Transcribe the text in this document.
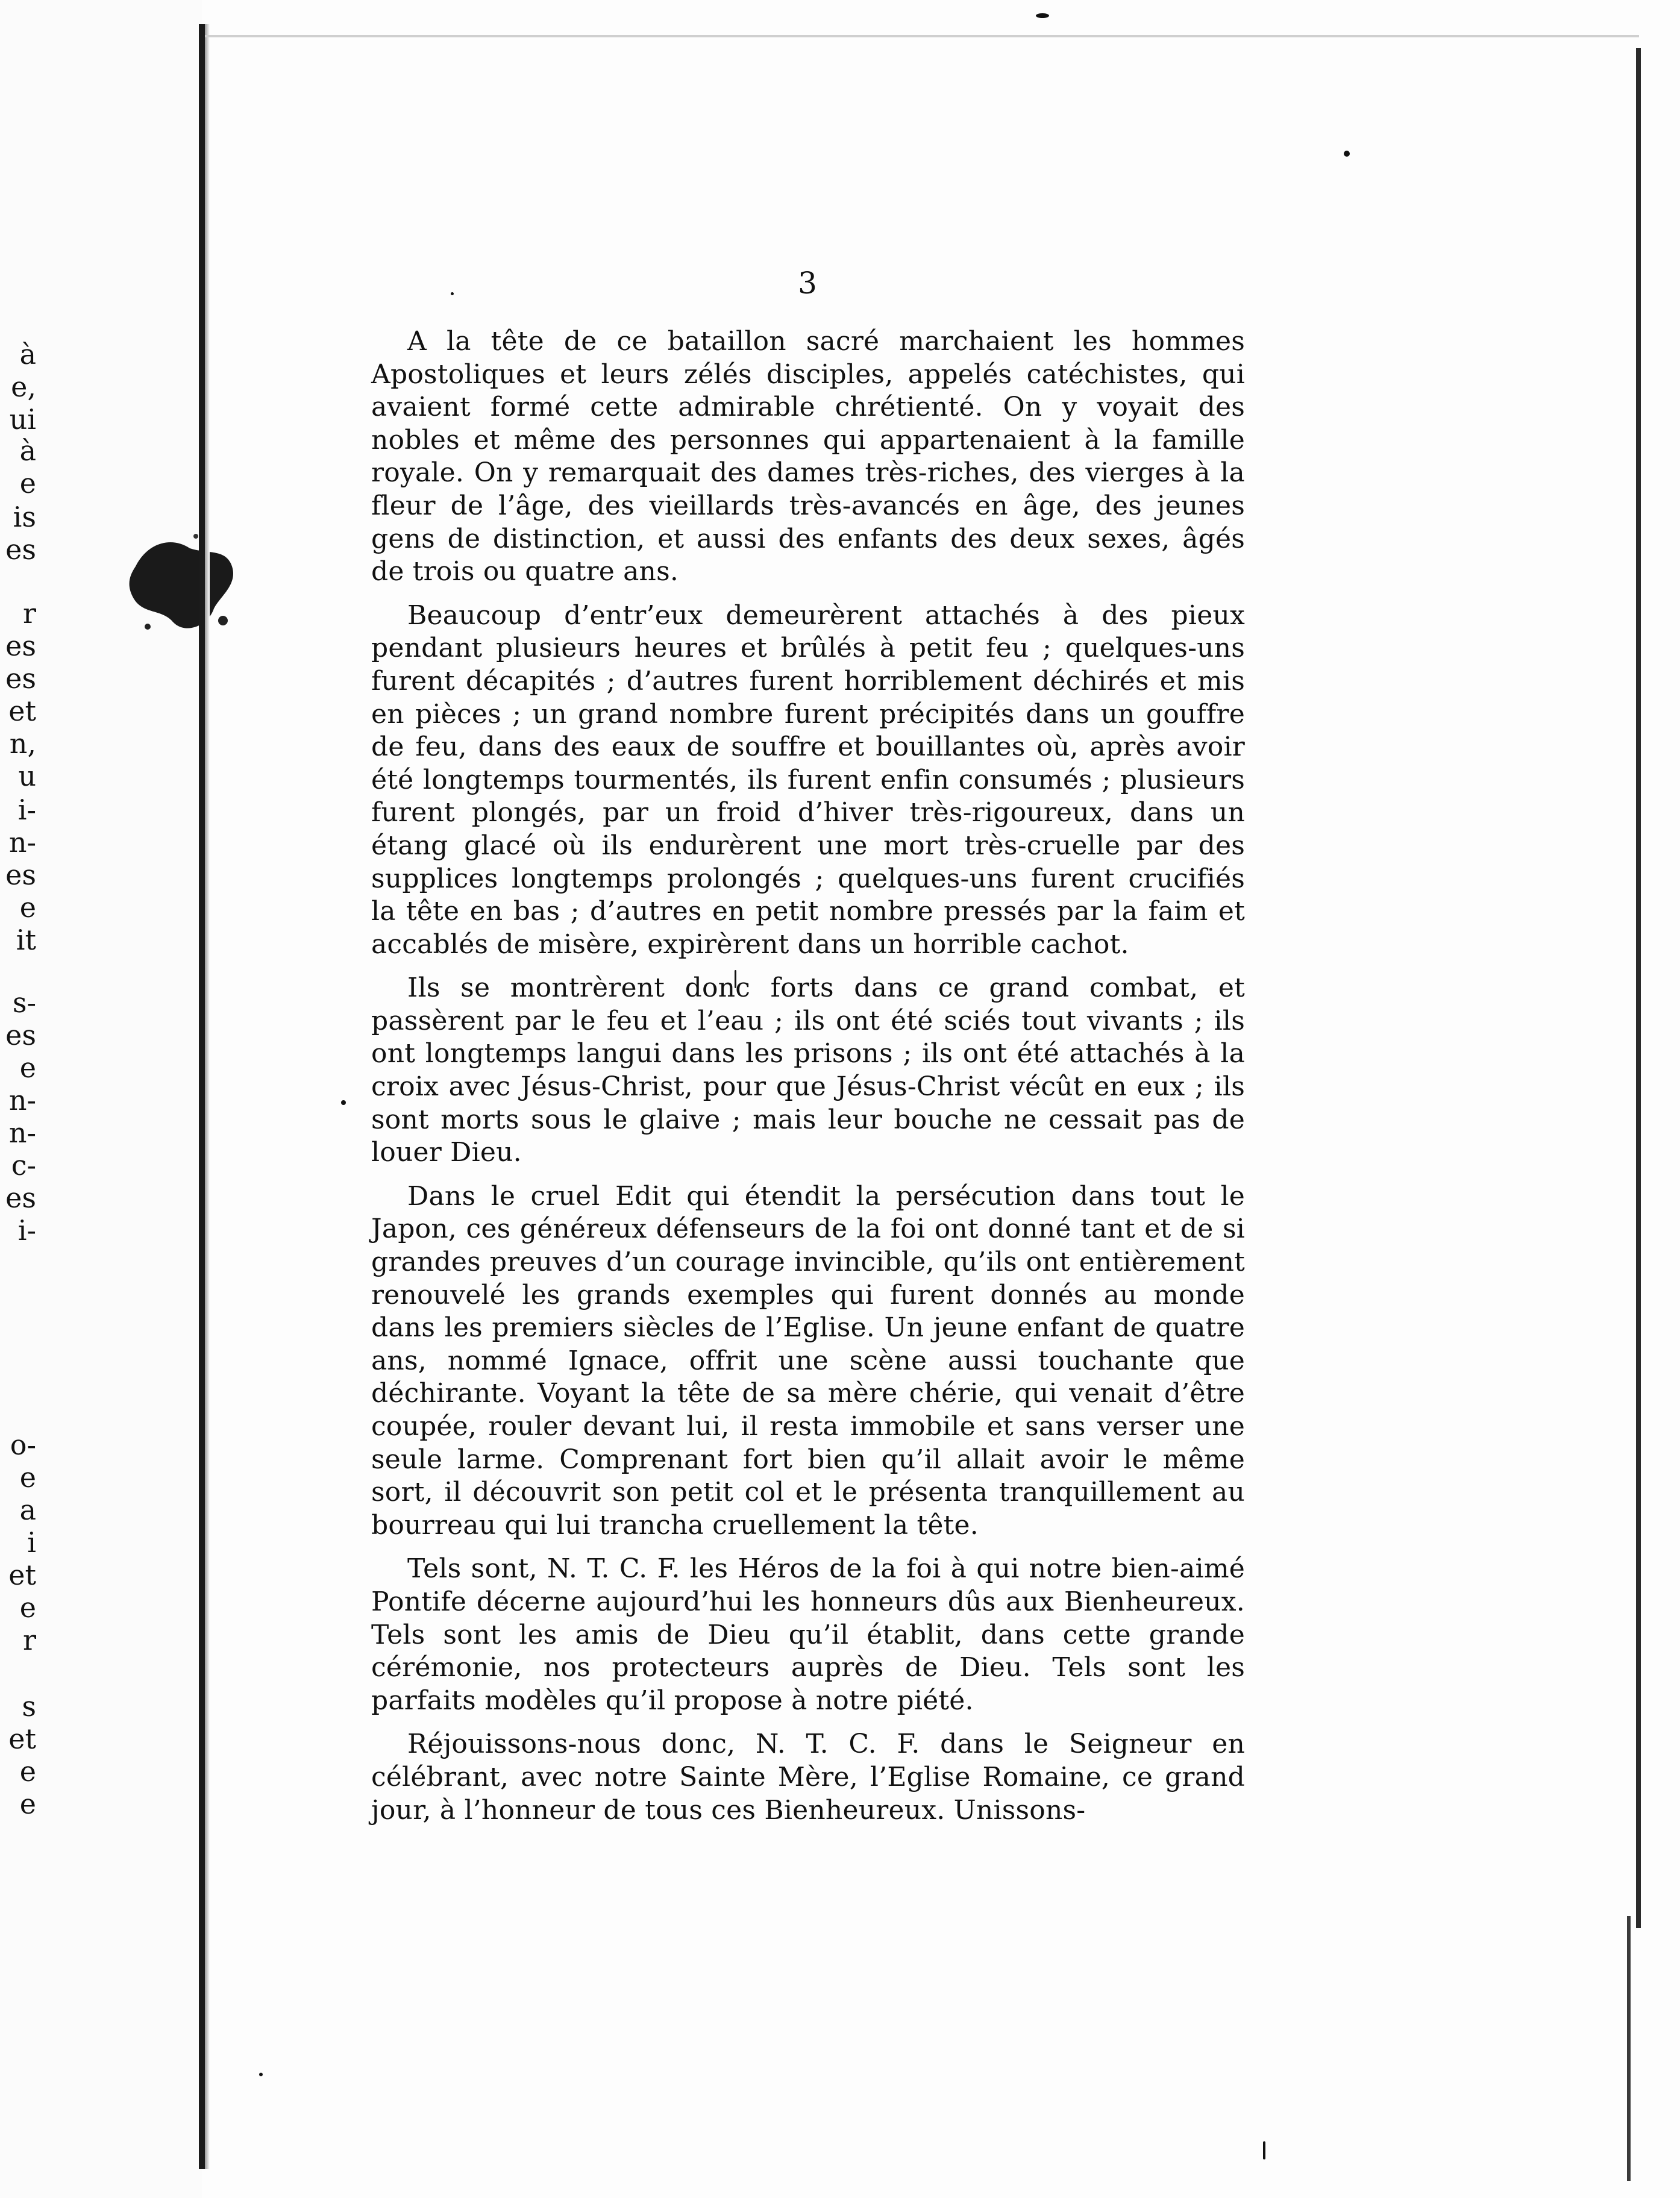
à
e,
ui
à
e
is
es
r
es
es
et
n,
u
i-
n-
es
e
it
s-
es
e
n-
n-
c-
es
i-
o-
e
a
i
et
e
r
s
et
e
e
3

A la tête de ce bataillon sacré marchaient les hommes Apostoliques et leurs zélés disciples, appelés catéchistes, qui avaient formé cette admirable chrétienté. On y voyait des nobles et même des personnes qui appartenaient à la famille royale. On y remarquait des dames très-riches, des vierges à la fleur de l’âge, des vieillards très-avancés en âge, des jeunes gens de distinction, et aussi des enfants des deux sexes, âgés de trois ou quatre ans.

Beaucoup d’entr’eux demeurèrent attachés à des pieux pendant plusieurs heures et brûlés à petit feu ; quelques-uns furent décapités ; d’autres furent horriblement déchirés et mis en pièces ; un grand nombre furent précipités dans un gouffre de feu, dans des eaux de souffre et bouillantes où, après avoir été longtemps tourmentés, ils furent enfin consumés ; plusieurs furent plongés, par un froid d’hiver très-rigoureux, dans un étang glacé où ils endurèrent une mort très-cruelle par des supplices longtemps prolongés ; quelques-uns furent crucifiés la tête en bas ; d’autres en petit nombre pressés par la faim et accablés de misère, expirèrent dans un horrible cachot.

Ils se montrèrent donc forts dans ce grand combat, et passèrent par le feu et l’eau ; ils ont été sciés tout vivants ; ils ont longtemps langui dans les prisons ; ils ont été attachés à la croix avec Jésus-Christ, pour que Jésus-Christ vécût en eux ; ils sont morts sous le glaive ; mais leur bouche ne cessait pas de louer Dieu.

Dans le cruel Edit qui étendit la persécution dans tout le Japon, ces généreux défenseurs de la foi ont donné tant et de si grandes preuves d’un courage invincible, qu’ils ont entièrement renouvelé les grands exemples qui furent donnés au monde dans les premiers siècles de l’Eglise. Un jeune enfant de quatre ans, nommé Ignace, offrit une scène aussi touchante que déchirante. Voyant la tête de sa mère chérie, qui venait d’être coupée, rouler devant lui, il resta immobile et sans verser une seule larme. Comprenant fort bien qu’il allait avoir le même sort, il découvrit son petit col et le présenta tranquillement au bourreau qui lui trancha cruellement la tête.

Tels sont, N. T. C. F. les Héros de la foi à qui notre bien-aimé Pontife décerne aujourd’hui les honneurs dûs aux Bienheureux. Tels sont les amis de Dieu qu’il établit, dans cette grande cérémonie, nos protecteurs auprès de Dieu. Tels sont les parfaits modèles qu’il propose à notre piété.

Réjouissons-nous donc, N. T. C. F. dans le Seigneur en célébrant, avec notre Sainte Mère, l’Eglise Romaine, ce grand jour, à l’honneur de tous ces Bienheureux. Unissons-
